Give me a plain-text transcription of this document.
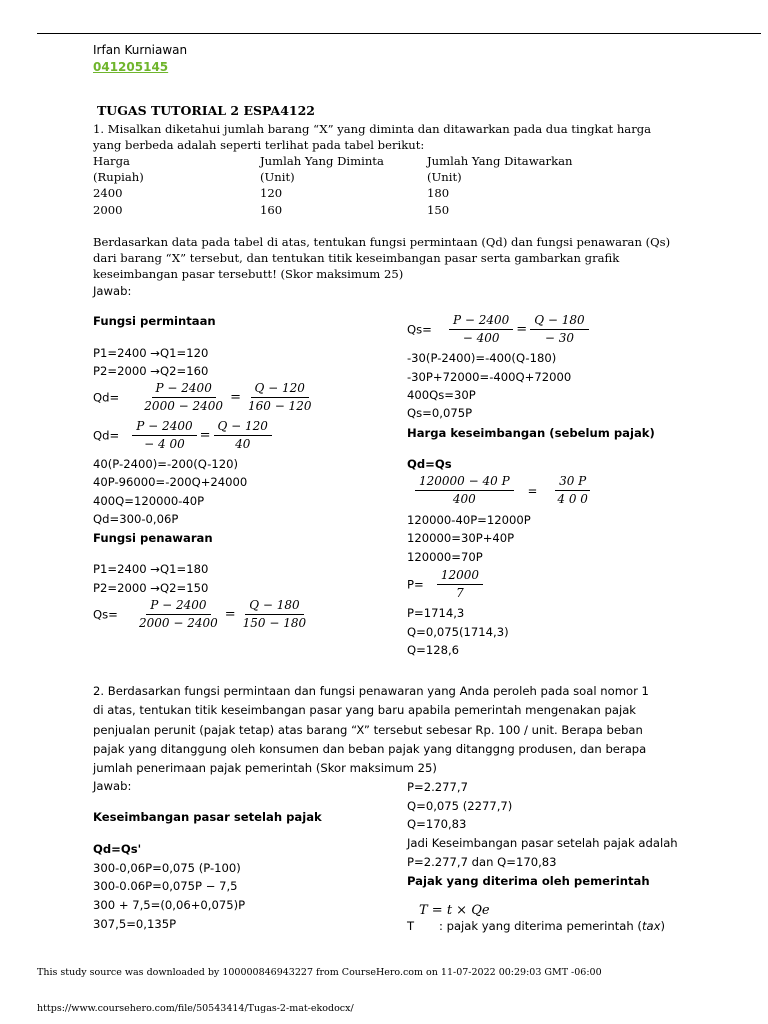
Irfan Kurniawan
041205145
TUGAS TUTORIAL 2 ESPA4122
1. Misalkan diketahui jumlah barang “X” yang diminta dan ditawarkan pada dua tingkat harga
yang berbeda adalah seperti terlihat pada tabel berikut:
Harga	Jumlah Yang Diminta	Jumlah Yang Ditawarkan
(Rupiah)	(Unit)	(Unit)
2400	120	180
2000	160	150
Berdasarkan data pada tabel di atas, tentukan fungsi permintaan (Qd) dan fungsi penawaran (Qs)
dari barang “X” tersebut, dan tentukan titik keseimbangan pasar serta gambarkan grafik
keseimbangan pasar tersebutt! (Skor maksimum 25)
Jawab:
Fungsi permintaan
P1=2400 →Q1=120
P2=2000 →Q2=160
$Qd= \frac{P - 2400}{2000 - 2400} = \frac{Q - 120}{160 - 120}$
$Qd= \frac{P - 2400}{- 4 00} = \frac{Q - 120}{40}$
40(P-2400)=-200(Q-120)
40P-96000=-200Q+24000
400Q=120000-40P
Qd=300-0,06P
Fungsi penawaran
P1=2400 →Q1=180
P2=2000 →Q2=150
$Qs= \frac{P - 2400}{2000 - 2400} = \frac{Q - 180}{150 - 180}$
$Qs= \frac{P - 2400}{- 400} = \frac{Q - 180}{- 30}$
-30(P-2400)=-400(Q-180)
-30P+72000=-400Q+72000
400Qs=30P
Qs=0,075P
Harga keseimbangan (sebelum pajak)
Qd=Qs
$\frac{120000 - 40 P}{400} = \frac{30 P}{4 0 0}$
120000-40P=12000P
120000=30P+40P
120000=70P
$P= \frac{12000}{7}$
P=1714,3
Q=0,075(1714,3)
Q=128,6
2. Berdasarkan fungsi permintaan dan fungsi penawaran yang Anda peroleh pada soal nomor 1
di atas, tentukan titik keseimbangan pasar yang baru apabila pemerintah mengenakan pajak
penjualan perunit (pajak tetap) atas barang “X” tersebut sebesar Rp. 100 / unit. Berapa beban
pajak yang ditanggung oleh konsumen dan beban pajak yang ditanggng produsen, dan berapa
jumlah penerimaan pajak pemerintah (Skor maksimum 25)
Jawab:
Keseimbangan pasar setelah pajak
Qd=Qs'
300-0,06P=0,075 (P-100)
300-0.06P=0,075P − 7,5
300 + 7,5=(0,06+0,075)P
307,5=0,135P
P=2.277,7
Q=0,075 (2277,7)
Q=170,83
Jadi Keseimbangan pasar setelah pajak adalah
P=2.277,7 dan Q=170,83
Pajak yang diterima oleh pemerintah
T = t × Qe
T : pajak yang diterima pemerintah (tax)
This study source was downloaded by 100000846943227 from CourseHero.com on 11-07-2022 00:29:03 GMT -06:00
https://www.coursehero.com/file/50543414/Tugas-2-mat-ekodocx/
